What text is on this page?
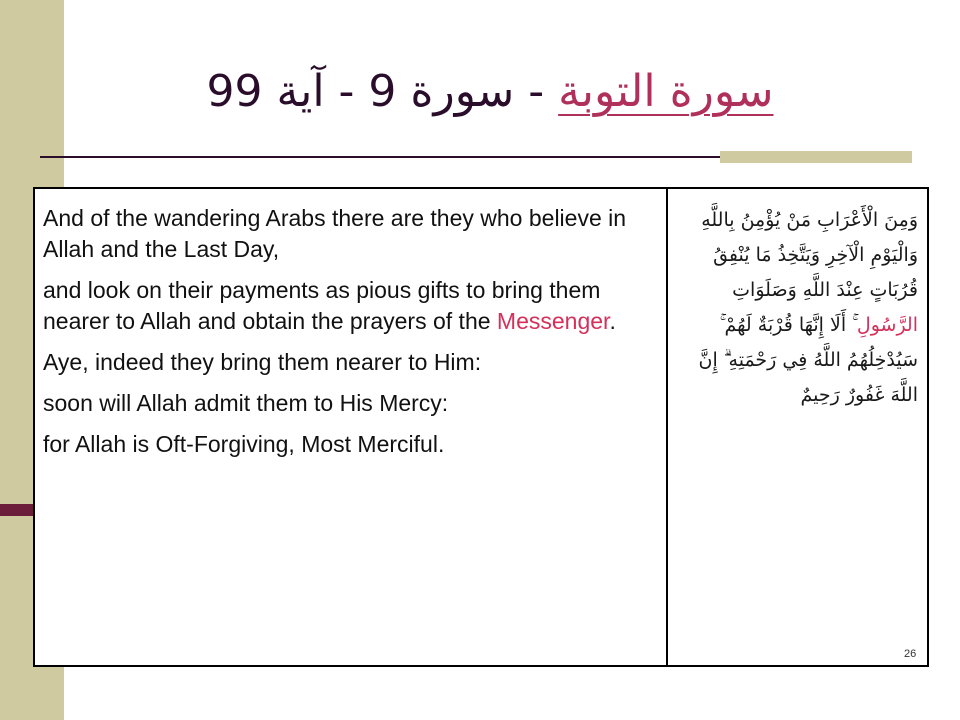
سورة التوبة - سورة 9 - آية 99

And of the wandering Arabs there are they who believe in Allah and the Last Day,

and look on their payments as pious gifts to bring them nearer to Allah and obtain the prayers of the Messenger.

Aye, indeed they bring them nearer to Him:

soon will Allah admit them to His Mercy:

for Allah is Oft-Forgiving, Most Merciful.

وَمِنَ الْأَعْرَابِ مَنْ يُؤْمِنُ بِاللَّهِ وَالْيَوْمِ الْآخِرِ وَيَتَّخِذُ مَا يُنْفِقُ قُرُبَاتٍ عِنْدَ اللَّهِ وَصَلَوَاتِ الرَّسُولِ ۚ أَلَا إِنَّهَا قُرْبَةٌ لَهُمْ ۚ سَيُدْخِلُهُمُ اللَّهُ فِي رَحْمَتِهِ ۗ إِنَّ اللَّهَ غَفُورٌ رَحِيمٌ
26
